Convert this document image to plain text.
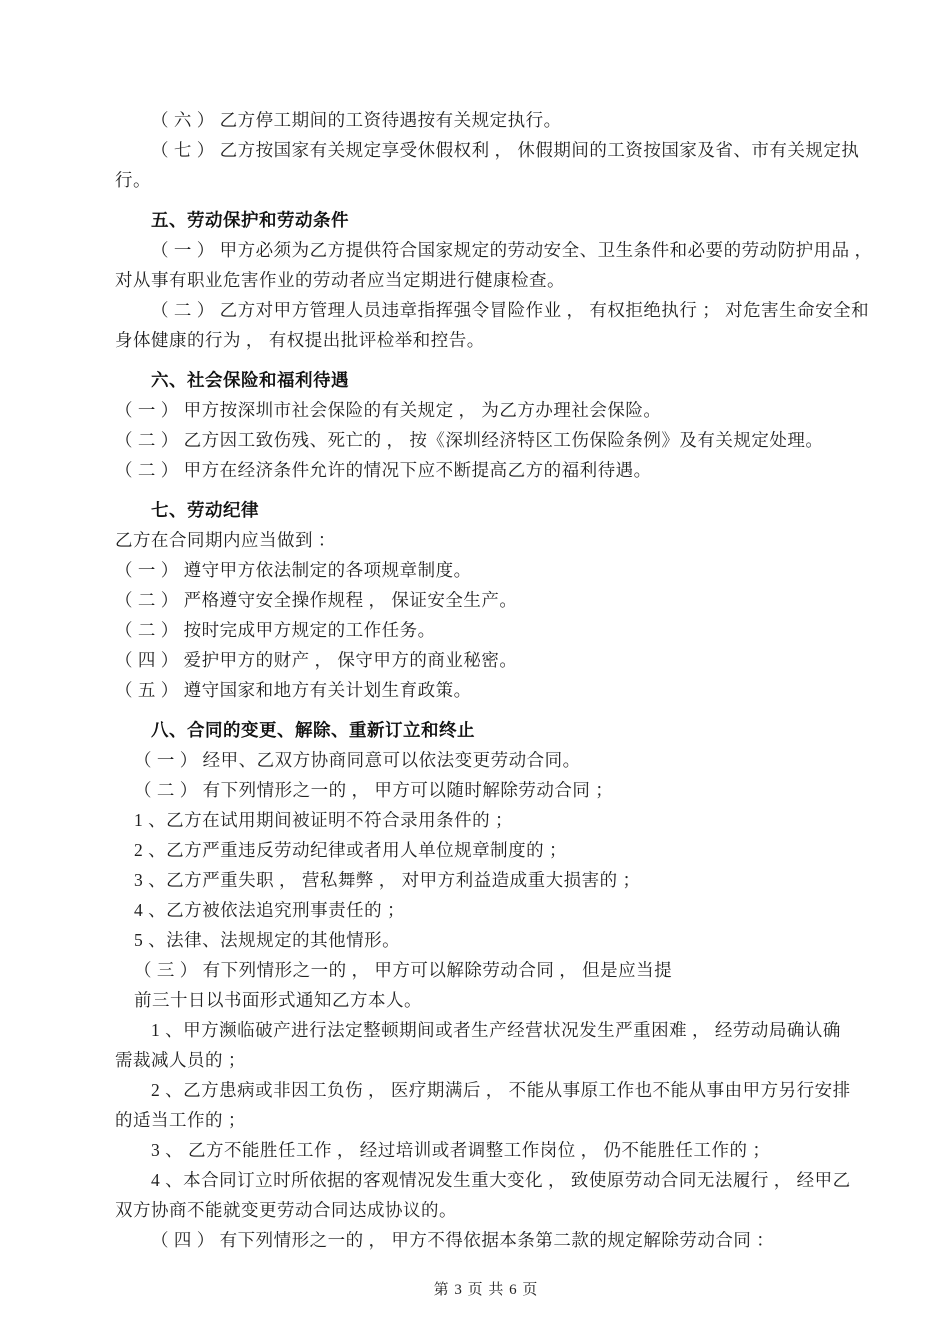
（ 六 ） 乙方停工期间的工资待遇按有关规定执行。
（ 七 ） 乙方按国家有关规定享受休假权利 ， 休假期间的工资按国家及省、市有关规定执
行。
五、劳动保护和劳动条件
（ 一 ） 甲方必须为乙方提供符合国家规定的劳动安全、卫生条件和必要的劳动防护用品 ，
对从事有职业危害作业的劳动者应当定期进行健康检查。
（ 二 ） 乙方对甲方管理人员违章指挥强令冒险作业 ， 有权拒绝执行 ； 对危害生命安全和
身体健康的行为 ， 有权提出批评检举和控告。
六、社会保险和福利待遇
（ 一 ） 甲方按深圳市社会保险的有关规定 ， 为乙方办理社会保险。
（ 二 ） 乙方因工致伤残、死亡的 ， 按《深圳经济特区工伤保险条例》及有关规定处理。
（ 二 ） 甲方在经济条件允许的情况下应不断提高乙方的福利待遇。
七、劳动纪律
乙方在合同期内应当做到 ：
（ 一 ） 遵守甲方依法制定的各项规章制度。
（ 二 ） 严格遵守安全操作规程 ， 保证安全生产。
（ 二 ） 按时完成甲方规定的工作任务。
（ 四 ） 爱护甲方的财产 ， 保守甲方的商业秘密。
（ 五 ） 遵守国家和地方有关计划生育政策。
八、合同的变更、解除、重新订立和终止
（ 一 ） 经甲、乙双方协商同意可以依法变更劳动合同。
（ 二 ） 有下列情形之一的 ， 甲方可以随时解除劳动合同 ；
1 、乙方在试用期间被证明不符合录用条件的 ；
2 、乙方严重违反劳动纪律或者用人单位规章制度的 ；
3 、乙方严重失职 ， 营私舞弊 ， 对甲方利益造成重大损害的 ；
4 、乙方被依法追究刑事责任的 ；
5 、法律、法规规定的其他情形。
（ 三 ） 有下列情形之一的 ， 甲方可以解除劳动合同 ， 但是应当提
前三十日以书面形式通知乙方本人。
1 、甲方濒临破产进行法定整顿期间或者生产经营状况发生严重困难 ， 经劳动局确认确
需裁减人员的 ；
2 、乙方患病或非因工负伤 ， 医疗期满后 ， 不能从事原工作也不能从事由甲方另行安排
的适当工作的 ；
3 、 乙方不能胜任工作 ， 经过培训或者调整工作岗位 ， 仍不能胜任工作的 ；
4 、本合同订立时所依据的客观情况发生重大变化 ， 致使原劳动合同无法履行 ， 经甲乙
双方协商不能就变更劳动合同达成协议的。
（ 四 ） 有下列情形之一的 ， 甲方不得依据本条第二款的规定解除劳动合同 ：

第 3 页 共 6 页
